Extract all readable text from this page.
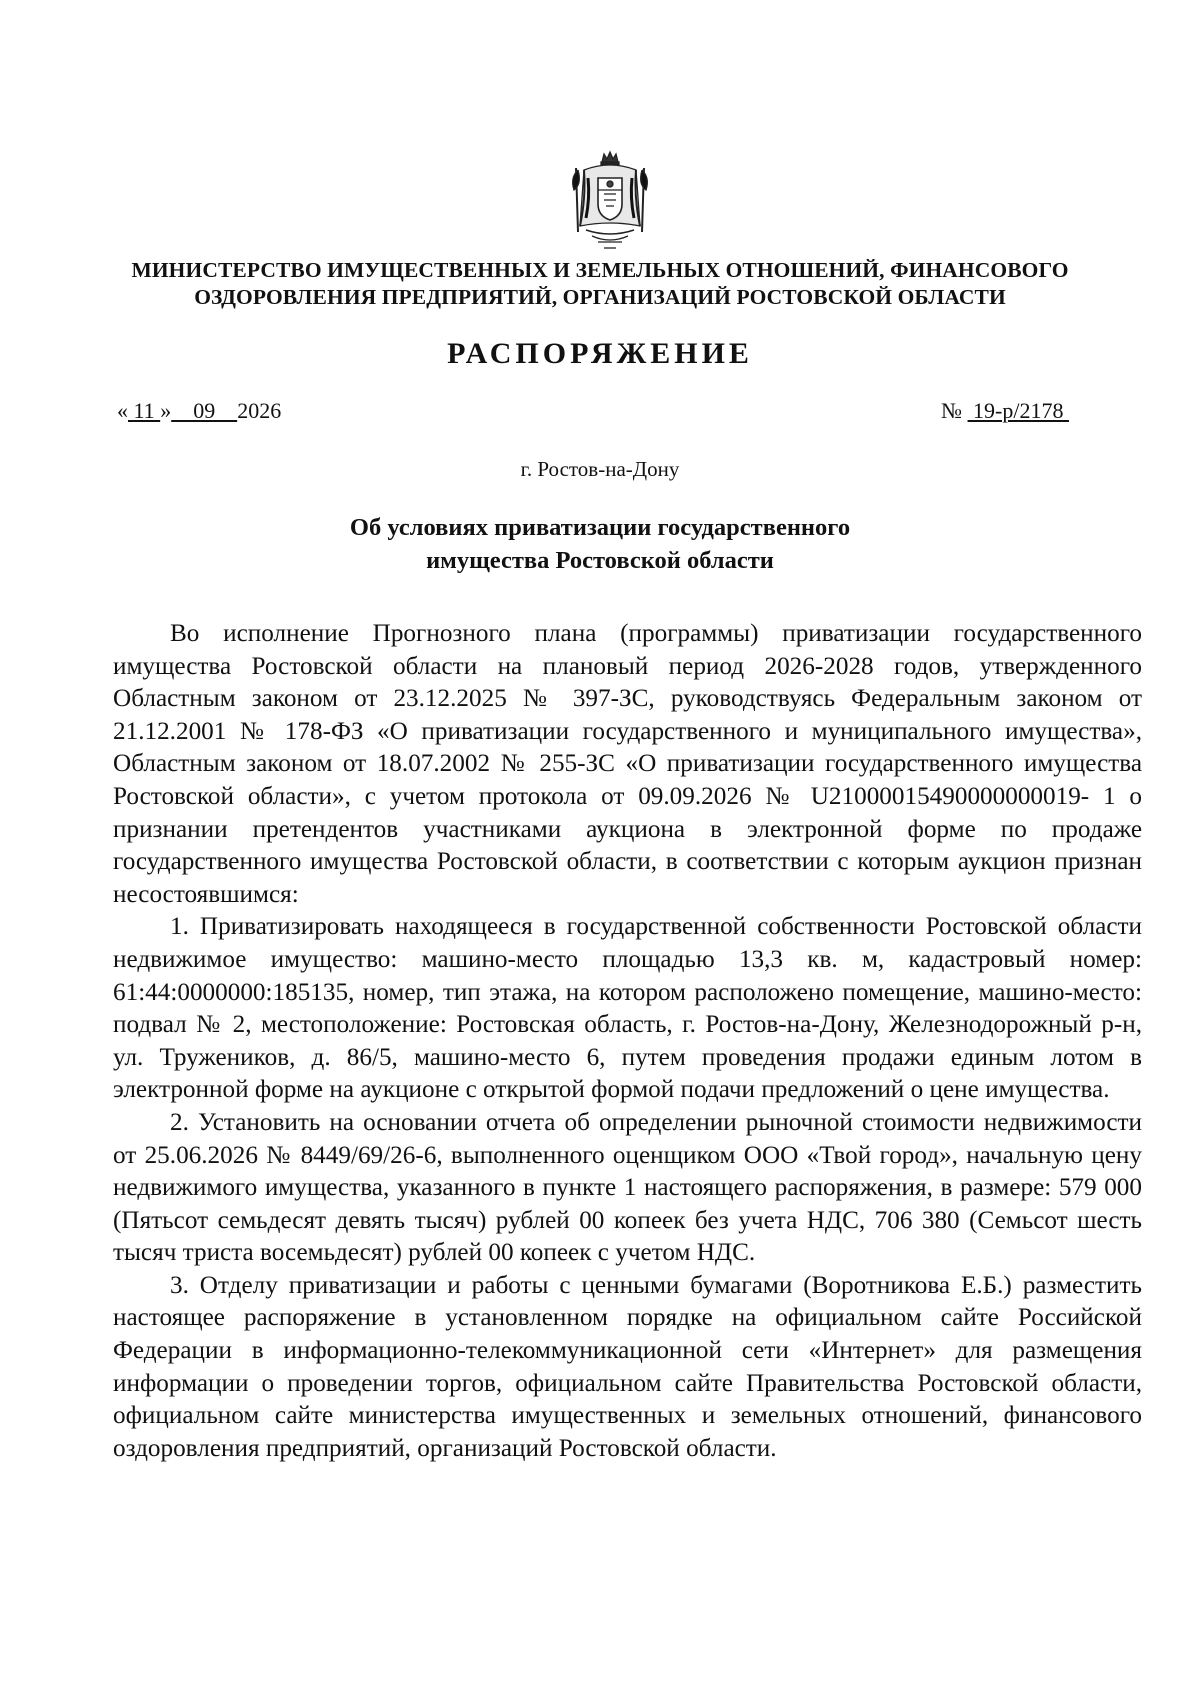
МИНИСТЕРСТВО ИМУЩЕСТВЕННЫХ И ЗЕМЕЛЬНЫХ ОТНОШЕНИЙ, ФИНАНСОВОГО
ОЗДОРОВЛЕНИЯ ПРЕДПРИЯТИЙ, ОРГАНИЗАЦИЙ РОСТОВСКОЙ ОБЛАСТИ
РАСПОРЯЖЕНИЕ
« 11 »    09    2026	№  19-р/2178
г. Ростов-на-Дону
Об условиях приватизации государственного
имущества Ростовской области

Во исполнение Прогнозного плана (программы) приватизации государственного имущества Ростовской области на плановый период 2026-2028 годов, утвержденного Областным законом от 23.12.2025 № 397-ЗС, руководствуясь Федеральным законом от 21.12.2001 № 178-ФЗ «О приватизации государственного и муниципального имущества», Областным законом от 18.07.2002 № 255-ЗС «О приватизации государственного имущества Ростовской области», с учетом протокола от 09.09.2026 № U21000015490000000019- 1 о признании претендентов участниками аукциона в электронной форме по продаже государственного имущества Ростовской области, в соответствии с которым аукцион признан несостоявшимся:

1. Приватизировать находящееся в государственной собственности Ростовской области недвижимое имущество: машино-место площадью 13,3 кв. м, кадастровый номер: 61:44:0000000:185135, номер, тип этажа, на котором расположено помещение, машино-место: подвал № 2, местоположение: Ростовская область, г. Ростов-на-Дону, Железнодорожный р-н, ул. Тружеников, д. 86/5, машино-место 6, путем проведения продажи единым лотом в электронной форме на аукционе с открытой формой подачи предложений о цене имущества.

2. Установить на основании отчета об определении рыночной стоимости недвижимости от 25.06.2026 № 8449/69/26-6, выполненного оценщиком ООО «Твой город», начальную цену недвижимого имущества, указанного в пункте 1 настоящего распоряжения, в размере: 579 000 (Пятьсот семьдесят девять тысяч) рублей 00 копеек без учета НДС, 706 380 (Семьсот шесть тысяч триста восемьдесят) рублей 00 копеек с учетом НДС.

3. Отделу приватизации и работы с ценными бумагами (Воротникова Е.Б.) разместить настоящее распоряжение в установленном порядке на официальном сайте Российской Федерации в информационно-телекоммуникационной сети «Интернет» для размещения информации о проведении торгов, официальном сайте Правительства Ростовской области, официальном сайте министерства имущественных и земельных отношений, финансового оздоровления предприятий, организаций Ростовской области.
